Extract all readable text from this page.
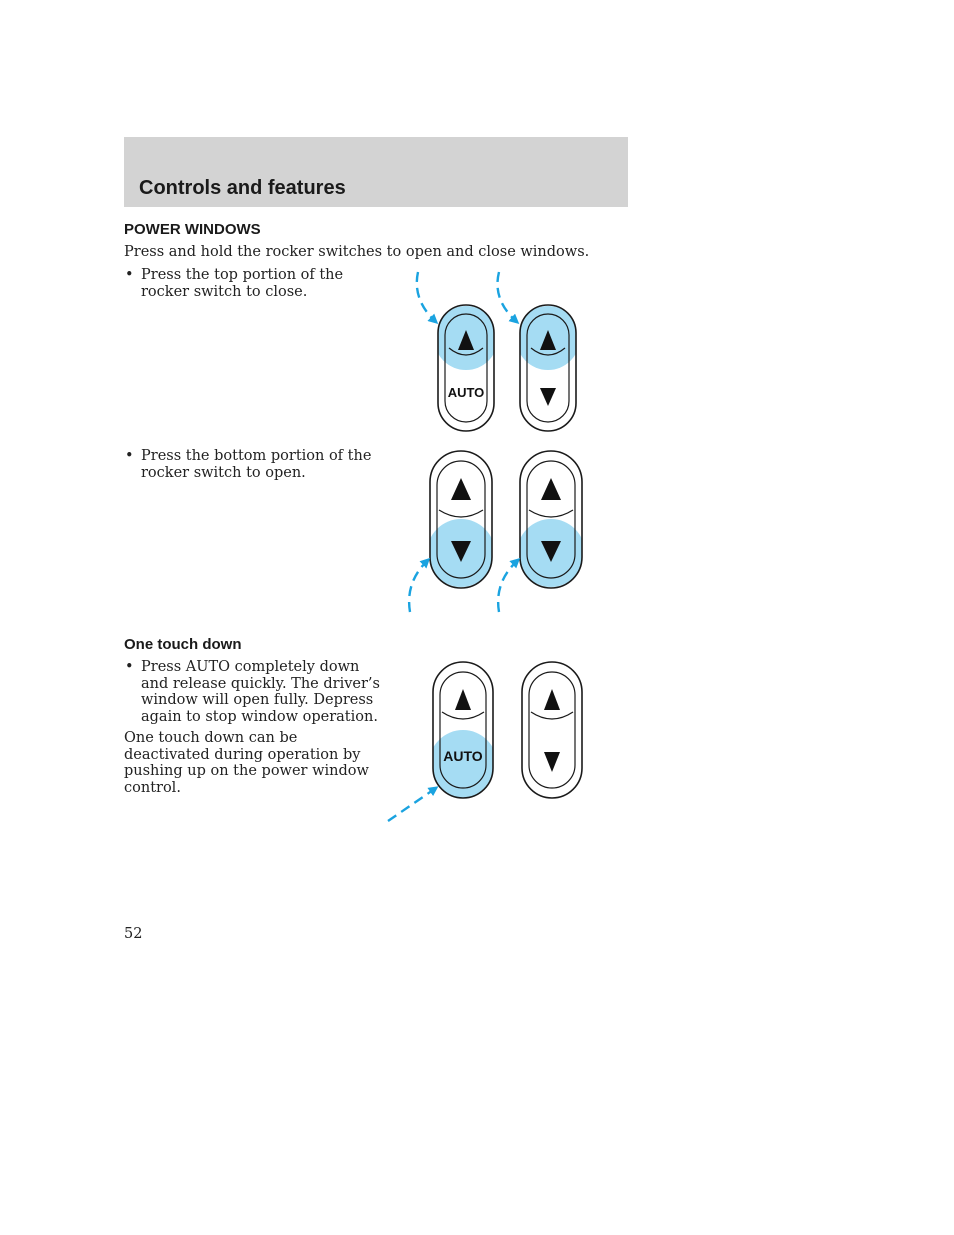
Controls and features
POWER WINDOWS

Press and hold the rocker switches to open and close windows.

• Press the top portion of the rocker switch to close.

• Press the bottom portion of the rocker switch to open.

One touch down

• Press AUTO completely down and release quickly. The driver’s window will open fully. Depress again to stop window operation.

One touch down can be deactivated during operation by pushing up on the power window control.

52

AUTO
AUTO
